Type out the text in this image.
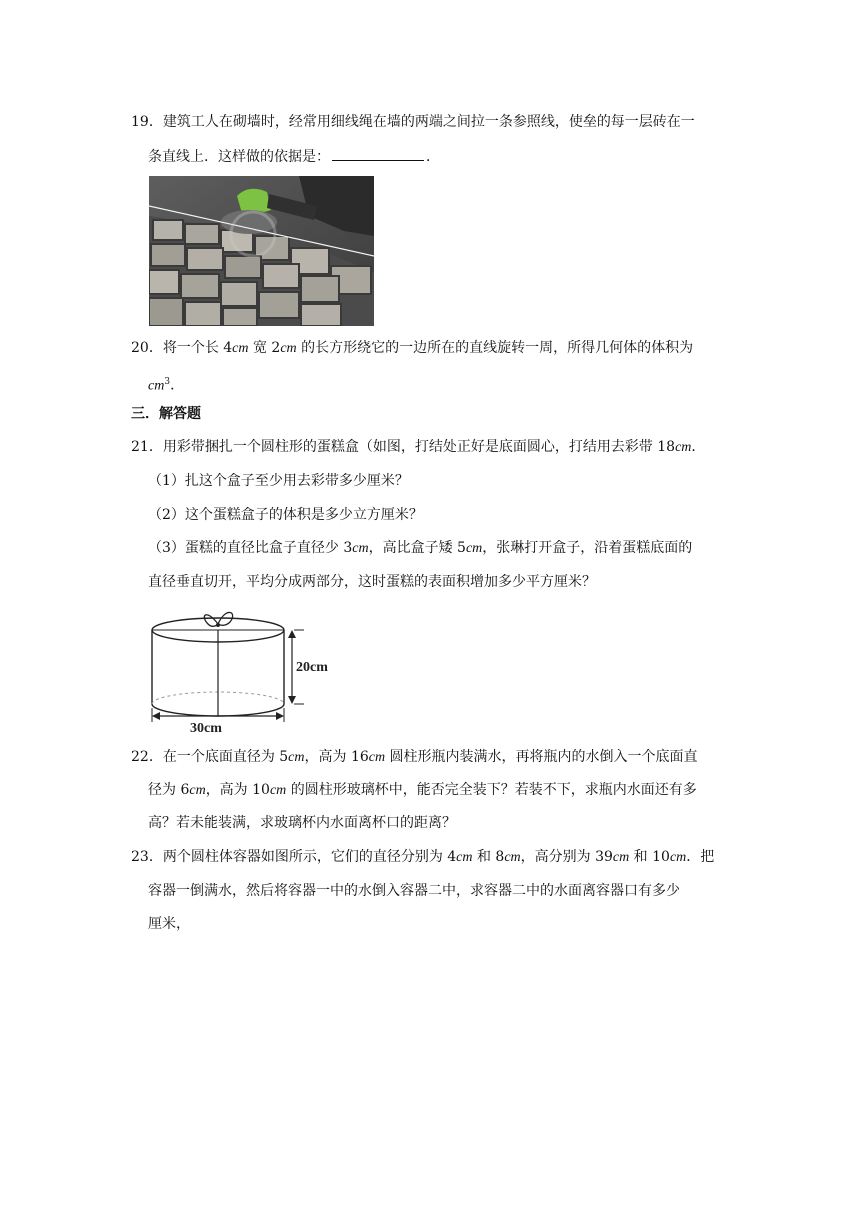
19．建筑工人在砌墙时，经常用细线绳在墙的两端之间拉一条参照线，使垒的每一层砖在一
条直线上．这样做的依据是：	．
20．将一个长 4cm 宽 2cm 的长方形绕它的一边所在的直线旋转一周，所得几何体的体积为
$cm^3$．
三．解答题
21．用彩带捆扎一个圆柱形的蛋糕盒（如图，打结处正好是底面圆心，打结用去彩带 18cm．
（1）扎这个盒子至少用去彩带多少厘米？
（2）这个蛋糕盒子的体积是多少立方厘米？
（3）蛋糕的直径比盒子直径少 3cm，高比盒子矮 5cm，张琳打开盒子，沿着蛋糕底面的
直径垂直切开，平均分成两部分，这时蛋糕的表面积增加多少平方厘米？
20cm
30cm
22．在一个底面直径为 5cm，高为 16cm 圆柱形瓶内装满水，再将瓶内的水倒入一个底面直
径为 6cm，高为 10cm 的圆柱形玻璃杯中，能否完全装下？若装不下，求瓶内水面还有多
高？若未能装满，求玻璃杯内水面离杯口的距离？
23．两个圆柱体容器如图所示，它们的直径分别为 4cm 和 8cm，高分别为 39cm 和 10cm．把
容器一倒满水，然后将容器一中的水倒入容器二中，求容器二中的水面离容器口有多少
厘米，
